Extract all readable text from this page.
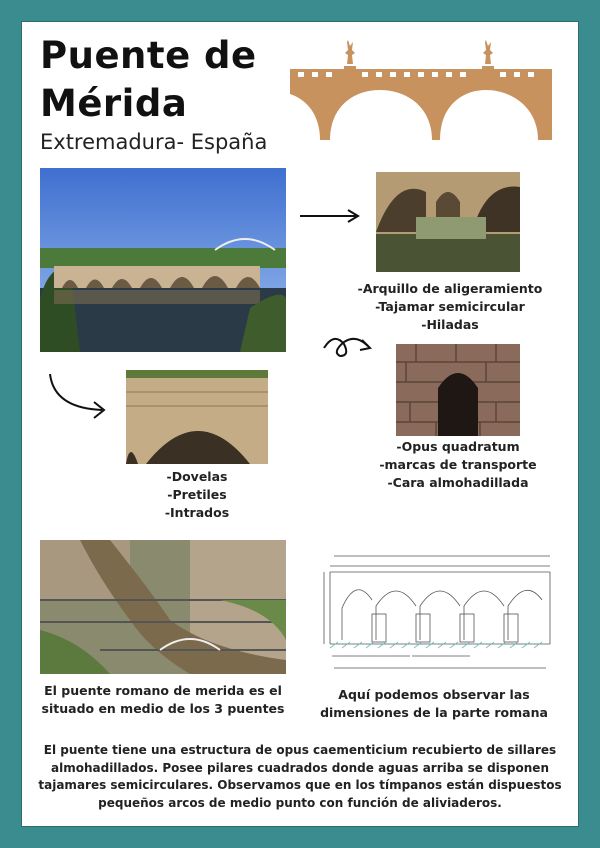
Puente de
Mérida
Extremadura- España
-Arquillo de aligeramiento
-Tajamar semicircular
-Hiladas
-Opus quadratum
-marcas de transporte
-Cara almohadillada
-Dovelas
-Pretiles
-Intrados
El puente romano de merida es el
situado en medio de los 3 puentes
Aquí podemos observar las
dimensiones de la parte romana
El puente tiene una estructura de opus caementicium recubierto de sillares
almohadillados. Posee pilares cuadrados donde aguas arriba se disponen
tajamares semicirculares. Observamos que en los tímpanos están dispuestos
pequeños arcos de medio punto con función de aliviaderos.
